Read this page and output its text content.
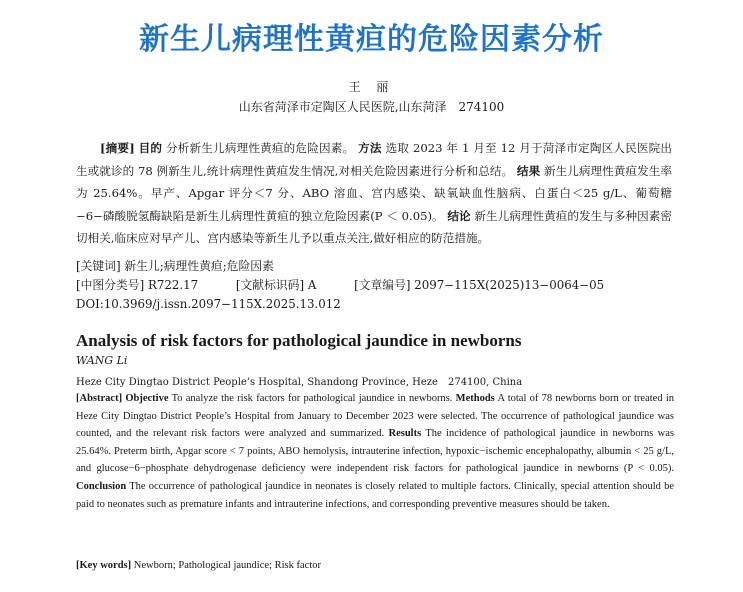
新生儿病理性黄疸的危险因素分析
王 丽
山东省菏泽市定陶区人民医院,山东菏泽　274100
[摘要] 目的 分析新生儿病理性黄疸的危险因素。 方法 选取 2023 年 1 月至 12 月于菏泽市定陶区人民医院出生或就诊的 78 例新生儿,统计病理性黄疸发生情况,对相关危险因素进行分析和总结。 结果 新生儿病理性黄疸发生率为 25.64%。早产、Apgar 评分＜7 分、ABO 溶血、宫内感染、缺氧缺血性脑病、白蛋白＜25 g/L、葡萄糖−6−磷酸脱氢酶缺陷是新生儿病理性黄疸的独立危险因素(P ＜ 0.05)。 结论 新生儿病理性黄疸的发生与多种因素密切相关,临床应对早产儿、宫内感染等新生儿予以重点关注,做好相应的防范措施。
[关键词] 新生儿;病理性黄疸;危险因素
[中图分类号] R722.17	[文献标识码] A	[文章编号] 2097−115X(2025)13−0064−05
DOI:10.3969/j.issn.2097−115X.2025.13.012
Analysis of risk factors for pathological jaundice in newborns
WANG Li
Heze City Dingtao District People’s Hospital, Shandong Province, Heze　274100, China
[Abstract] Objective To analyze the risk factors for pathological jaundice in newborns. Methods A total of 78 newborns born or treated in Heze City Dingtao District People’s Hospital from January to December 2023 were selected. The occurrence of pathological jaundice was counted, and the relevant risk factors were analyzed and summarized. Results The incidence of pathological jaundice in newborns was 25.64%. Preterm birth, Apgar score < 7 points, ABO hemolysis, intrauterine infection, hypoxic−ischemic encephalopathy, albumin < 25 g/L, and glucose−6−phosphate dehydrogenase deficiency were independent risk factors for pathological jaundice in newborns (P < 0.05). Conclusion The occurrence of pathological jaundice in neonates is closely related to multiple factors. Clinically, special attention should be paid to neonates such as premature infants and intrauterine infections, and corresponding preventive measures should be taken.
[Key words] Newborn; Pathological jaundice; Risk factor
